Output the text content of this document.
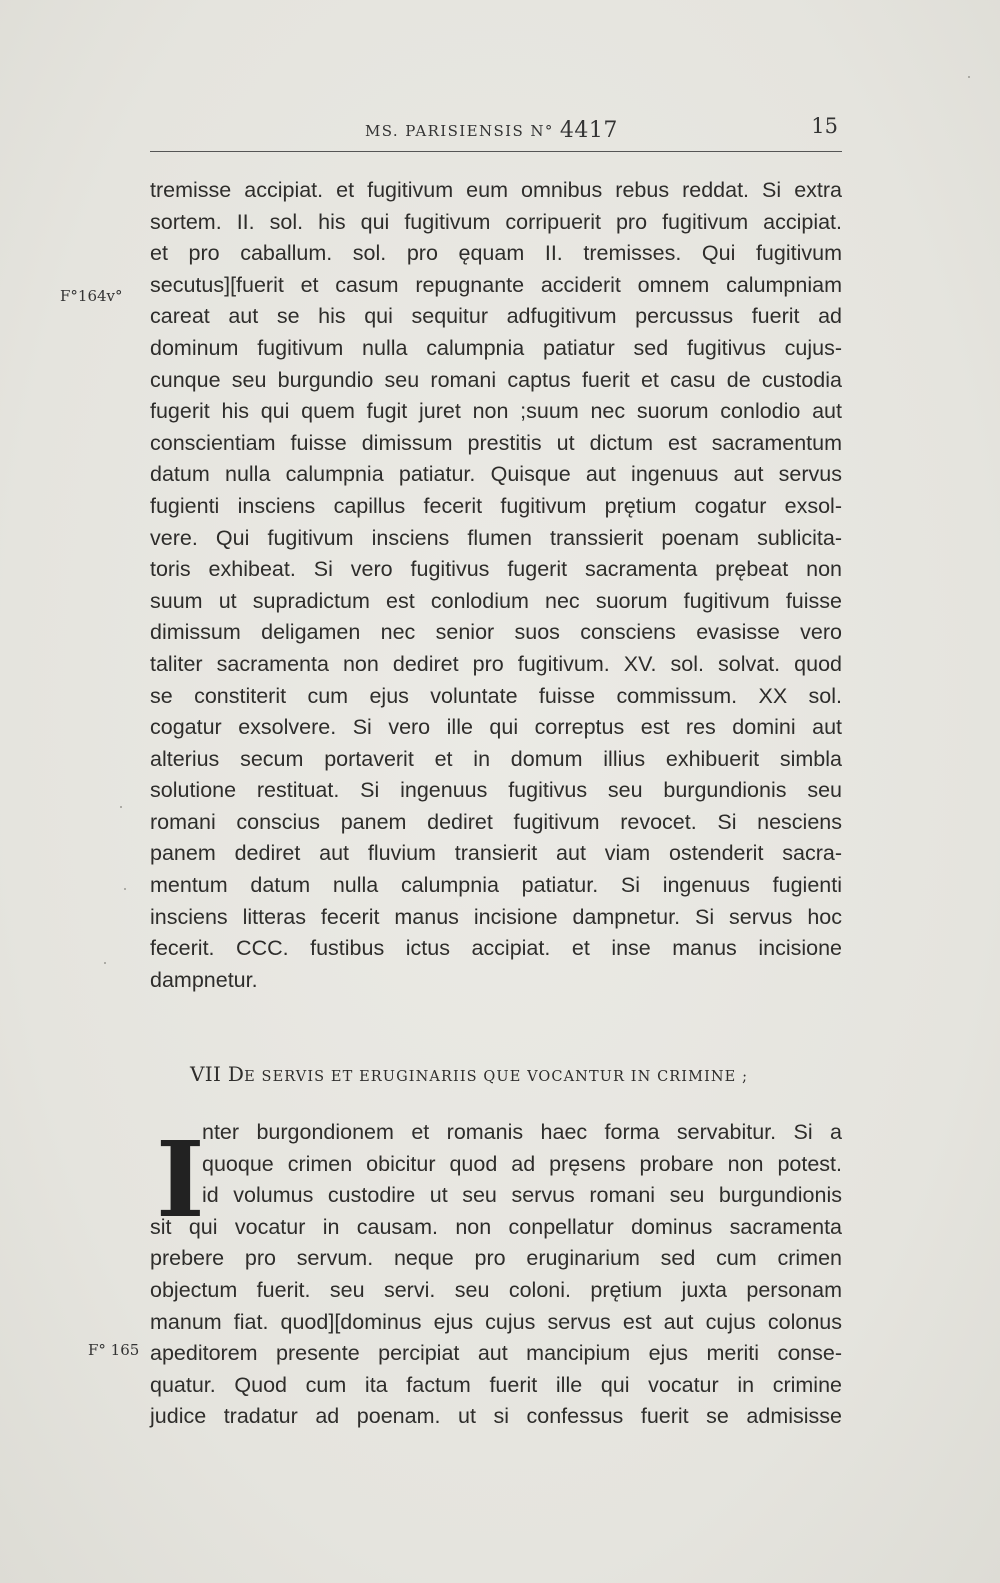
MS. PARISIENSIS N° 4417	15
F°164v°
tremisse accipiat. et fugitivum eum omnibus rebus reddat. Si extra
sortem. II. sol. his qui fugitivum corripuerit pro fugitivum accipiat.
et pro caballum. sol. pro ęquam II. tremisses. Qui fugitivum
secutus][fuerit et casum repugnante acciderit omnem calumpniam
careat aut se his qui sequitur adfugitivum percussus fuerit ad
dominum fugitivum nulla calumpnia patiatur sed fugitivus cujus-
cunque seu burgundio seu romani captus fuerit et casu de custodia
fugerit his qui quem fugit juret non ;suum nec suorum conlodio aut
conscientiam fuisse dimissum prestitis ut dictum est sacramentum
datum nulla calumpnia patiatur. Quisque aut ingenuus aut servus
fugienti insciens capillus fecerit fugitivum prętium cogatur exsol-
vere. Qui fugitivum insciens flumen transsierit poenam sublicita-
toris exhibeat. Si vero fugitivus fugerit sacramenta prębeat non
suum ut supradictum est conlodium nec suorum fugitivum fuisse
dimissum deligamen nec senior suos consciens evasisse vero
taliter sacramenta non dediret pro fugitivum. XV. sol. solvat. quod
se constiterit cum ejus voluntate fuisse commissum. XX sol.
cogatur exsolvere. Si vero ille qui correptus est res domini aut
alterius secum portaverit et in domum illius exhibuerit simbla
solutione restituat. Si ingenuus fugitivus seu burgundionis seu
romani conscius panem dediret fugitivum revocet. Si nesciens
panem dediret aut fluvium transierit aut viam ostenderit sacra-
mentum datum nulla calumpnia patiatur. Si ingenuus fugienti
insciens litteras fecerit manus incisione dampnetur. Si servus hoc
fecerit. CCC. fustibus ictus accipiat. et inse manus incisione
dampnetur.
VII DE SERVIS ET ERUGINARIIS QUE VOCANTUR IN CRIMINE ;
I
nter burgondionem et romanis haec forma servabitur. Si a
quoque crimen obicitur quod ad pręsens probare non potest.
id volumus custodire ut seu servus romani seu burgundionis
sit qui vocatur in causam. non conpellatur dominus sacramenta
prebere pro servum. neque pro eruginarium sed cum crimen
objectum fuerit. seu servi. seu coloni. prętium juxta personam
manum fiat. quod][dominus ejus cujus servus est aut cujus colonus
apeditorem presente percipiat aut mancipium ejus meriti conse-
quatur. Quod cum ita factum fuerit ille qui vocatur in crimine
judice tradatur ad poenam. ut si confessus fuerit se admisisse
F° 165
